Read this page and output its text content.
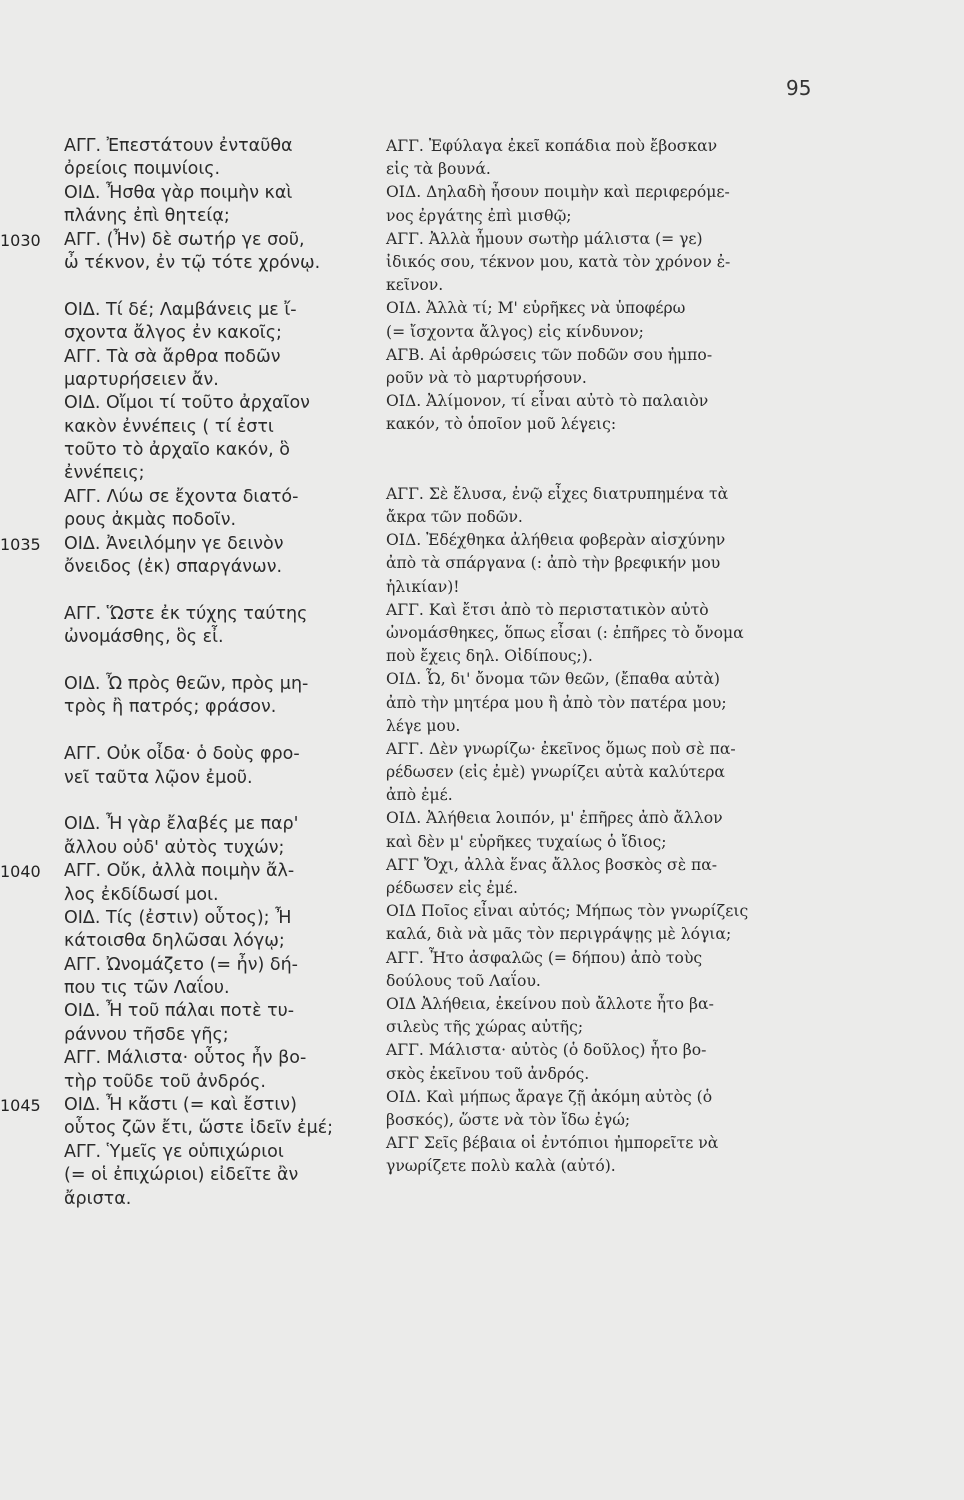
95
ΑΓΓ. Ἐπεστάτουν ἐνταῦθα
ὀρείοις ποιμνίοις.
ΟΙΔ. Ἦσθα γὰρ ποιμὴν καὶ
πλάνης ἐπὶ θητείᾳ;
1030	ΑΓΓ. (Ἦν) δὲ σωτήρ γε σοῦ,
ὦ τέκνον, ἐν τῷ τότε χρόνῳ.
ΟΙΔ. Τί δέ; Λαμβάνεις με ἴ-
σχοντα ἄλγος ἐν κακοῖς;
ΑΓΓ. Τὰ σὰ ἄρθρα ποδῶν
μαρτυρήσειεν ἄν.
ΟΙΔ. Οἴμοι τί τοῦτο ἀρχαῖον
κακὸν ἐννέπεις ( τί ἐστι
τοῦτο τὸ ἀρχαῖο κακόν, ὃ
ἐννέπεις;
ΑΓΓ. Λύω σε ἔχοντα διατό-
ρους ἀκμὰς ποδοῖν.
1035	ΟΙΔ. Ἀνειλόμην γε δεινὸν
ὄνειδος (ἐκ) σπαργάνων.
ΑΓΓ. Ὥστε ἐκ τύχης ταύτης
ὠνομάσθης, ὃς εἶ.
ΟΙΔ. Ὦ πρὸς θεῶν, πρὸς μη-
τρὸς ἢ πατρός; φράσον.
ΑΓΓ. Οὐκ οἶδα· ὁ δοὺς φρο-
νεῖ ταῦτα λῷον ἐμοῦ.
ΟΙΔ. Ἦ γὰρ ἔλαβές με παρ'
ἄλλου οὐδ' αὐτὸς τυχών;
1040	ΑΓΓ. Οὔκ, ἀλλὰ ποιμὴν ἄλ-
λος ἐκδίδωσί μοι.
ΟΙΔ. Τίς (ἐστιν) οὗτος); Ἦ
κάτοισθα δηλῶσαι λόγῳ;
ΑΓΓ. Ὠνομάζετο (= ἦν) δή-
που τις τῶν Λαΐου.
ΟΙΔ. Ἦ τοῦ πάλαι ποτὲ τυ-
ράννου τῆσδε γῆς;
ΑΓΓ. Μάλιστα· οὗτος ἦν βο-
τὴρ τοῦδε τοῦ ἀνδρός.
1045	ΟΙΔ. Ἦ κἄστι (= καὶ ἔστιν)
οὗτος ζῶν ἔτι, ὥστε ἰδεῖν ἐμέ;
ΑΓΓ. Ὑμεῖς γε οὑπιχώριοι
(= οἱ ἐπιχώριοι) εἰδεῖτε ἂν
ἄριστα.
ΑΓΓ. Ἐφύλαγα ἐκεῖ κοπάδια ποὺ ἔβοσκαν
εἰς τὰ βουνά.
ΟΙΔ. Δηλαδὴ ἦσουν ποιμὴν καὶ περιφερόμε-
νος ἐργάτης ἐπὶ μισθῷ;
ΑΓΓ. Ἀλλὰ ἦμουν σωτὴρ μάλιστα (= γε)
ἰδικός σου, τέκνον μου, κατὰ τὸν χρόνον ἐ-
κεῖνον.
ΟΙΔ. Ἀλλὰ τί; Μ' εὑρῆκες νὰ ὑποφέρω
(= ἴσχοντα ἄλγος) εἰς κίνδυνον;
ΑΓΒ. Αἱ ἀρθρώσεις τῶν ποδῶν σου ἠμπο-
ροῦν νὰ τὸ μαρτυρήσουν.
ΟΙΔ. Ἀλίμονον, τί εἶναι αὐτὸ τὸ παλαιὸν
κακόν, τὸ ὁποῖον μοῦ λέγεις:
ΑΓΓ. Σὲ ἔλυσα, ἐνῷ εἶχες διατρυπημένα τὰ
ἄκρα τῶν ποδῶν.
ΟΙΔ. Ἐδέχθηκα ἀλήθεια φοβερὰν αἰσχύνην
ἀπὸ τὰ σπάργανα (: ἀπὸ τὴν βρεφικήν μου
ἡλικίαν)!
ΑΓΓ. Καὶ ἔτσι ἀπὸ τὸ περιστατικὸν αὐτὸ
ὠνομάσθηκες, ὅπως εἶσαι (: ἐπῆρες τὸ ὄνομα
ποὺ ἔχεις δηλ. Οἰδίπους;).
ΟΙΔ. Ὦ, δι' ὄνομα τῶν θεῶν, (ἔπαθα αὐτὰ)
ἀπὸ τὴν μητέρα μου ἢ ἀπὸ τὸν πατέρα μου;
λέγε μου.
ΑΓΓ. Δὲν γνωρίζω· ἐκεῖνος ὅμως ποὺ σὲ πα-
ρέδωσεν (εἰς ἐμὲ) γνωρίζει αὐτὰ καλύτερα
ἀπὸ ἐμέ.
ΟΙΔ. Ἀλήθεια λοιπόν, μ' ἐπῆρες ἀπὸ ἄλλον
καὶ δὲν μ' εὑρῆκες τυχαίως ὁ ἴδιος;
ΑΓΓ Ὄχι, ἀλλὰ ἕνας ἄλλος βοσκὸς σὲ πα-
ρέδωσεν εἰς ἐμέ.
ΟΙΔ Ποῖος εἶναι αὐτός; Μήπως τὸν γνωρίζεις
καλά, διὰ νὰ μᾶς τὸν περιγράψῃς μὲ λόγια;
ΑΓΓ. Ἦτο ἀσφαλῶς (= δήπου) ἀπὸ τοὺς
δούλους τοῦ Λαΐου.
ΟΙΔ Ἀλήθεια, ἐκείνου ποὺ ἄλλοτε ἦτο βα-
σιλεὺς τῆς χώρας αὐτῆς;
ΑΓΓ. Μάλιστα· αὐτὸς (ὁ δοῦλος) ἦτο βο-
σκὸς ἐκεῖνου τοῦ ἀνδρός.
ΟΙΔ. Καὶ μήπως ἄραγε ζῇ ἀκόμη αὐτὸς (ὁ
βοσκός), ὥστε νὰ τὸν ἴδω ἐγώ;
ΑΓΓ Σεῖς βέβαια οἱ ἐντόπιοι ἠμπορεῖτε νὰ
γνωρίζετε πολὺ καλὰ (αὐτό).
